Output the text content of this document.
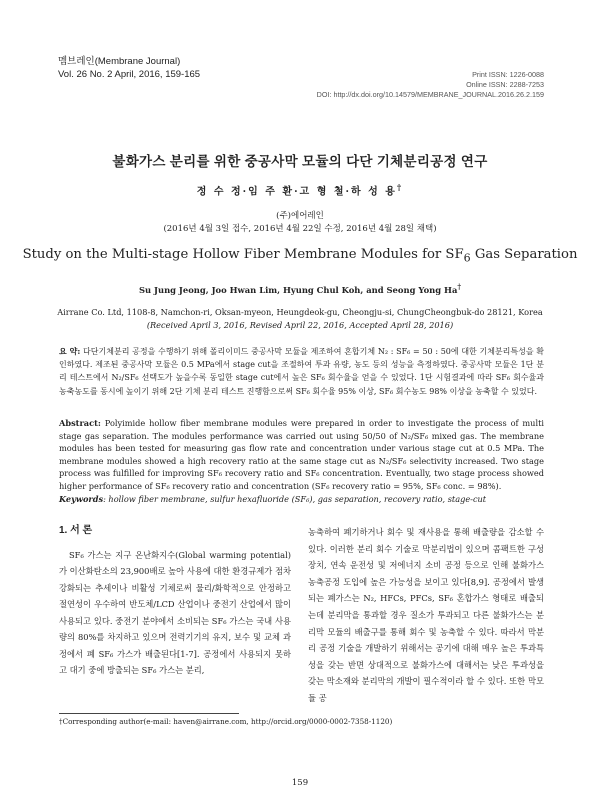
멤브레인(Membrane Journal)
Vol. 26 No. 2 April, 2016, 159-165	Print ISSN: 1226-0088
Online ISSN: 2288-7253
DOI: http://dx.doi.org/10.14579/MEMBRANE_JOURNAL.2016.26.2.159
불화가스 분리를 위한 중공사막 모듈의 다단 기체분리공정 연구
정 수 정·임 주 환·고 형 철·하 성 용†
(주)에어레인
(2016년 4월 3일 접수, 2016년 4월 22일 수정, 2016년 4월 28일 채택)
Study on the Multi-stage Hollow Fiber Membrane Modules for $SF_6$ Gas Separation
Su Jung Jeong, Joo Hwan Lim, Hyung Chul Koh, and Seong Yong Ha†
Airrane Co. Ltd, 1108-8, Namchon-ri, Oksan-myeon, Heungdeok-gu, Cheongju-si, ChungCheongbuk-do 28121, Korea
(Received April 3, 2016, Revised April 22, 2016, Accepted April 28, 2016)
요 약: 다단기체분리 공정을 수행하기 위해 폴리이미드 중공사막 모듈을 제조하여 혼합기체 N₂ : SF₆ = 50 : 50에 대한 기체분리특성을 확인하였다. 제조된 중공사막 모듈은 0.5 MPa에서 stage cut을 조절하여 투과 유량, 농도 등의 성능을 측정하였다. 중공사막 모듈은 1단 분리 테스트에서 N₂/SF₆ 선택도가 높을수록 동일한 stage cut에서 높은 SF₆ 회수율을 얻을 수 있었다. 1단 시험결과에 따라 SF₆ 회수율과 농축농도를 동시에 높이기 위해 2단 기체 분리 테스트 진행함으로써 SF₆ 회수율 95% 이상, SF₆ 회수농도 98% 이상을 농축할 수 있었다.
Abstract: Polyimide hollow fiber membrane modules were prepared in order to investigate the process of multi stage gas separation. The modules performance was carried out using 50/50 of N₂/SF₆ mixed gas. The membrane modules has been tested for measuring gas flow rate and concentration under various stage cut at 0.5 MPa. The membrane modules showed a high recovery ratio at the same stage cut as N₂/SF₆ selectivity increased. Two stage process was fulfilled for improving SF₆ recovery ratio and SF₆ concentration. Eventually, two stage process showed higher performance of SF₆ recovery ratio and concentration (SF₆ recovery ratio = 95%, SF₆ conc. = 98%).
Keywords: hollow fiber membrane, sulfur hexafluoride (SF₆), gas separation, recovery ratio, stage-cut
1. 서 론
SF₆ 가스는 지구 온난화지수(Global warming potential)가 이산화탄소의 23,900배로 높아 사용에 대한 환경규제가 점차 강화되는 추세이나 비활성 기체로써 물리/화학적으로 안정하고 절연성이 우수하여 반도체/LCD 산업이나 중전기 산업에서 많이 사용되고 있다. 중전기 분야에서 소비되는 SF₆ 가스는 국내 사용량의 80%를 차지하고 있으며 전력기기의 유지, 보수 및 교체 과정에서 폐 SF₆ 가스가 배출된다[1-7]. 공정에서 사용되지 못하고 대기 중에 방출되는 SF₆ 가스는 분리,
농축하여 폐기하거나 회수 및 재사용을 통해 배출량을 감소할 수 있다. 이러한 분리 회수 기술로 막분리법이 있으며 콤팩트한 구성장치, 연속 운전성 및 저에너지 소비 공정 등으로 인해 불화가스 농축공정 도입에 높은 가능성을 보이고 있다[8,9]. 공정에서 발생되는 폐가스는 N₂, HFCs, PFCs, SF₆ 혼합가스 형태로 배출되는데 분리막을 통과할 경우 질소가 투과되고 다른 불화가스는 분리막 모듈의 배출구를 통해 회수 및 농축할 수 있다. 따라서 막분리 공정 기술을 개발하기 위해서는 공기에 대해 매우 높은 투과특성을 갖는 반면 상대적으로 불화가스에 대해서는 낮은 투과성을 갖는 막소재와 분리막의 개발이 필수적이라 할 수 있다. 또한 막모듈 공
†Corresponding author(e-mail: haven@airrane.com, http://orcid.org/0000-0002-7358-1120)
159
